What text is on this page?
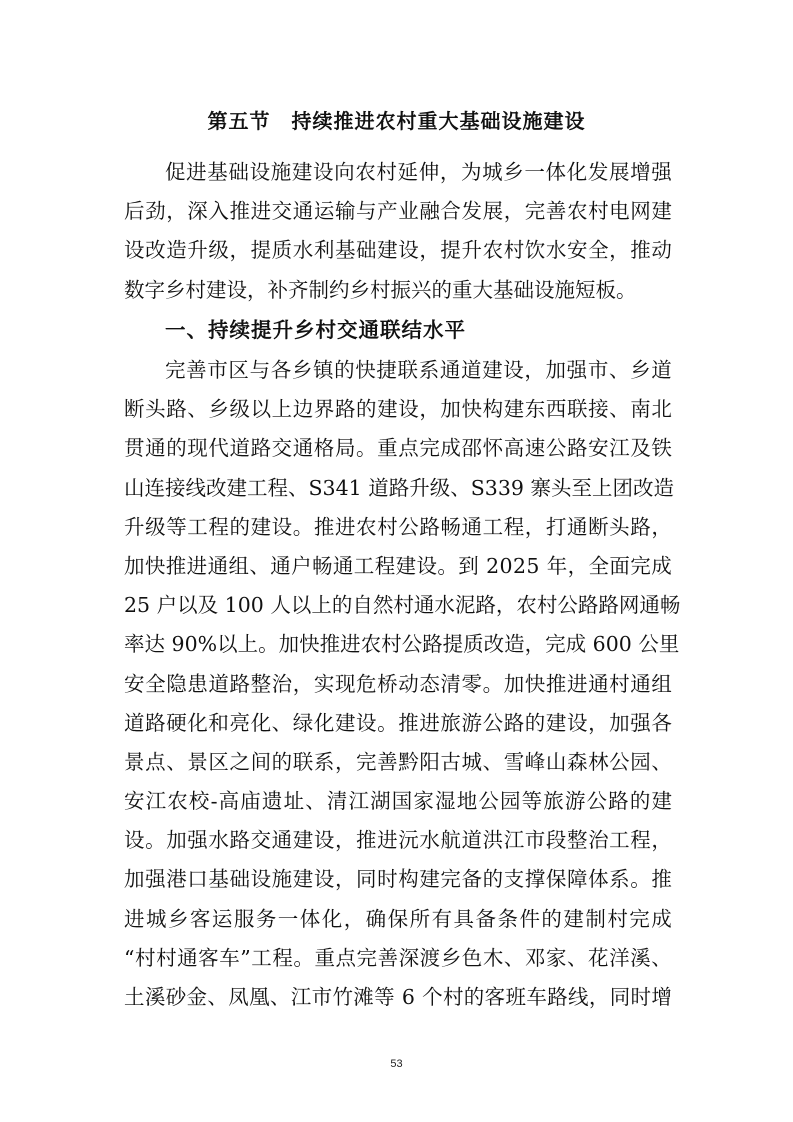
第五节　持续推进农村重大基础设施建设
促 进 基 础 设 施 建 设 向 农 村 延 伸 ， 为 城 乡 一 体 化 发 展 增 强
后 劲 ， 深 入 推 进 交 通 运 输 与 产 业 融 合 发 展 ， 完 善 农 村 电 网 建
设 改 造 升 级 ， 提 质 水 利 基 础 建 设 ， 提 升 农 村 饮 水 安 全 ， 推 动
数字乡村建设，补齐制约乡村振兴的重大基础设施短板。
一、持续提升乡村交通联结水平
完 善 市 区 与 各 乡 镇 的 快 捷 联 系 通 道 建 设 ， 加 强 市 、 乡 道
断 头 路 、 乡 级 以 上 边 界 路 的 建 设 ， 加 快 构 建 东 西 联 接 、 南 北
贯 通 的 现 代 道 路 交 通 格 局 。 重 点 完 成 邵 怀 高 速 公 路 安 江 及 铁
山 连 接 线 改 建 工 程 、 S 3 4 1
道 路 升 级 、 S 3 3 9
寨 头 至 上 团 改 造
升 级 等 工 程 的 建 设 。 推 进 农 村 公 路 畅 通 工 程 ， 打 通 断 头 路 ，
加 快 推 进 通 组 、 通 户 畅 通 工 程 建 设 。 到
2 0 2 5
年 ， 全 面 完 成
2 5
户 以 及
1 0 0
人 以 上 的 自 然 村 通 水 泥 路 ， 农 村 公 路 路 网 通 畅
率 达
9 0 % 以 上 。 加 快 推 进 农 村 公 路 提 质 改 造 ， 完 成
6 0 0
公 里
安 全 隐 患 道 路 整 治 ， 实 现 危 桥 动 态 清 零 。 加 快 推 进 通 村 通 组
道 路 硬 化 和 亮 化 、 绿 化 建 设 。 推 进 旅 游 公 路 的 建 设 ， 加 强 各
景 点 、 景 区 之 间 的 联 系 ， 完 善 黔 阳 古 城 、 雪 峰 山 森 林 公 园 、
安 江 农 校 - 高 庙 遗 址 、 清 江 湖 国 家 湿 地 公 园 等 旅 游 公 路 的 建
设 。 加 强 水 路 交 通 建 设 ， 推 进 沅 水 航 道 洪 江 市 段 整 治 工 程 ，
加 强 港 口 基 础 设 施 建 设 ， 同 时 构 建 完 备 的 支 撑 保 障 体 系 。 推
进 城 乡 客 运 服 务 一 体 化 ， 确 保 所 有 具 备 条 件 的 建 制 村 完 成
“ 村 村 通 客 车 ” 工 程 。 重 点 完 善 深 渡 乡 色 木 、 邓 家 、 花 洋 溪 、
土 溪 砂 金 、 凤 凰 、 江 市 竹 滩 等
6
个 村 的 客 班 车 路 线 ， 同 时 增
53
